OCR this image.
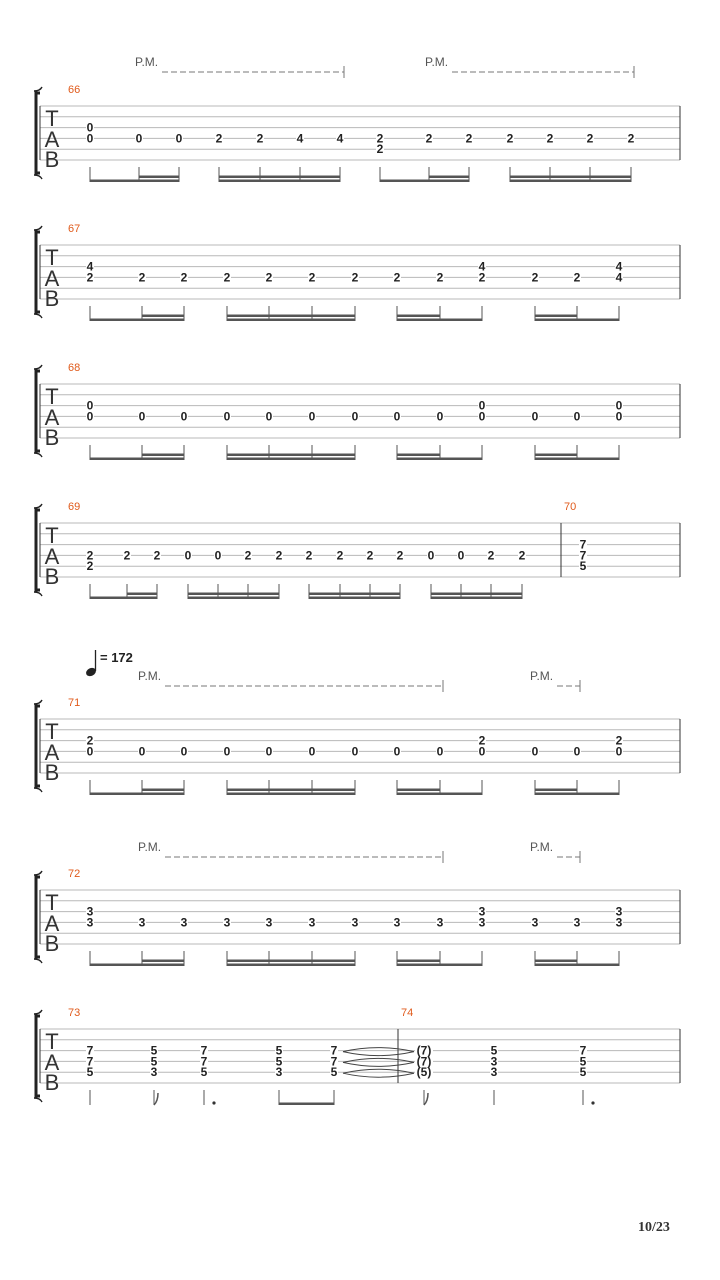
T
A
B
66
0
0	0	0	2	2	4	4	2
2
2	2	2	2	2	2
T
A
B
67
4
2	2	2	2	2	2	2	2	2
4
2	2	2
4
4
T
A
B
68
0
0	0	0	0	0	0	0	0	0
0
0	0	0
0
0
T
A
B
69
2
2
2 2 0 0 2 2 2 2 2 2 0 0 2 2
70
7
7
5
T
A
B
71
2
0	0	0	0	0	0	0	0	0
2
0	0	0
2
0
T
A
B
72
3
3	3	3	3	3	3	3	3	3
3
3	3	3
3
3
T
A
B
73
7
7
5
5
5
3
7
7
5
5
5
3
7
7
5
74
(7)
(7)
(5)
5
3
3
7
5
5
P.M.	P.M.
P.M.	P.M.
P.M.	P.M.
= 172
10/23
